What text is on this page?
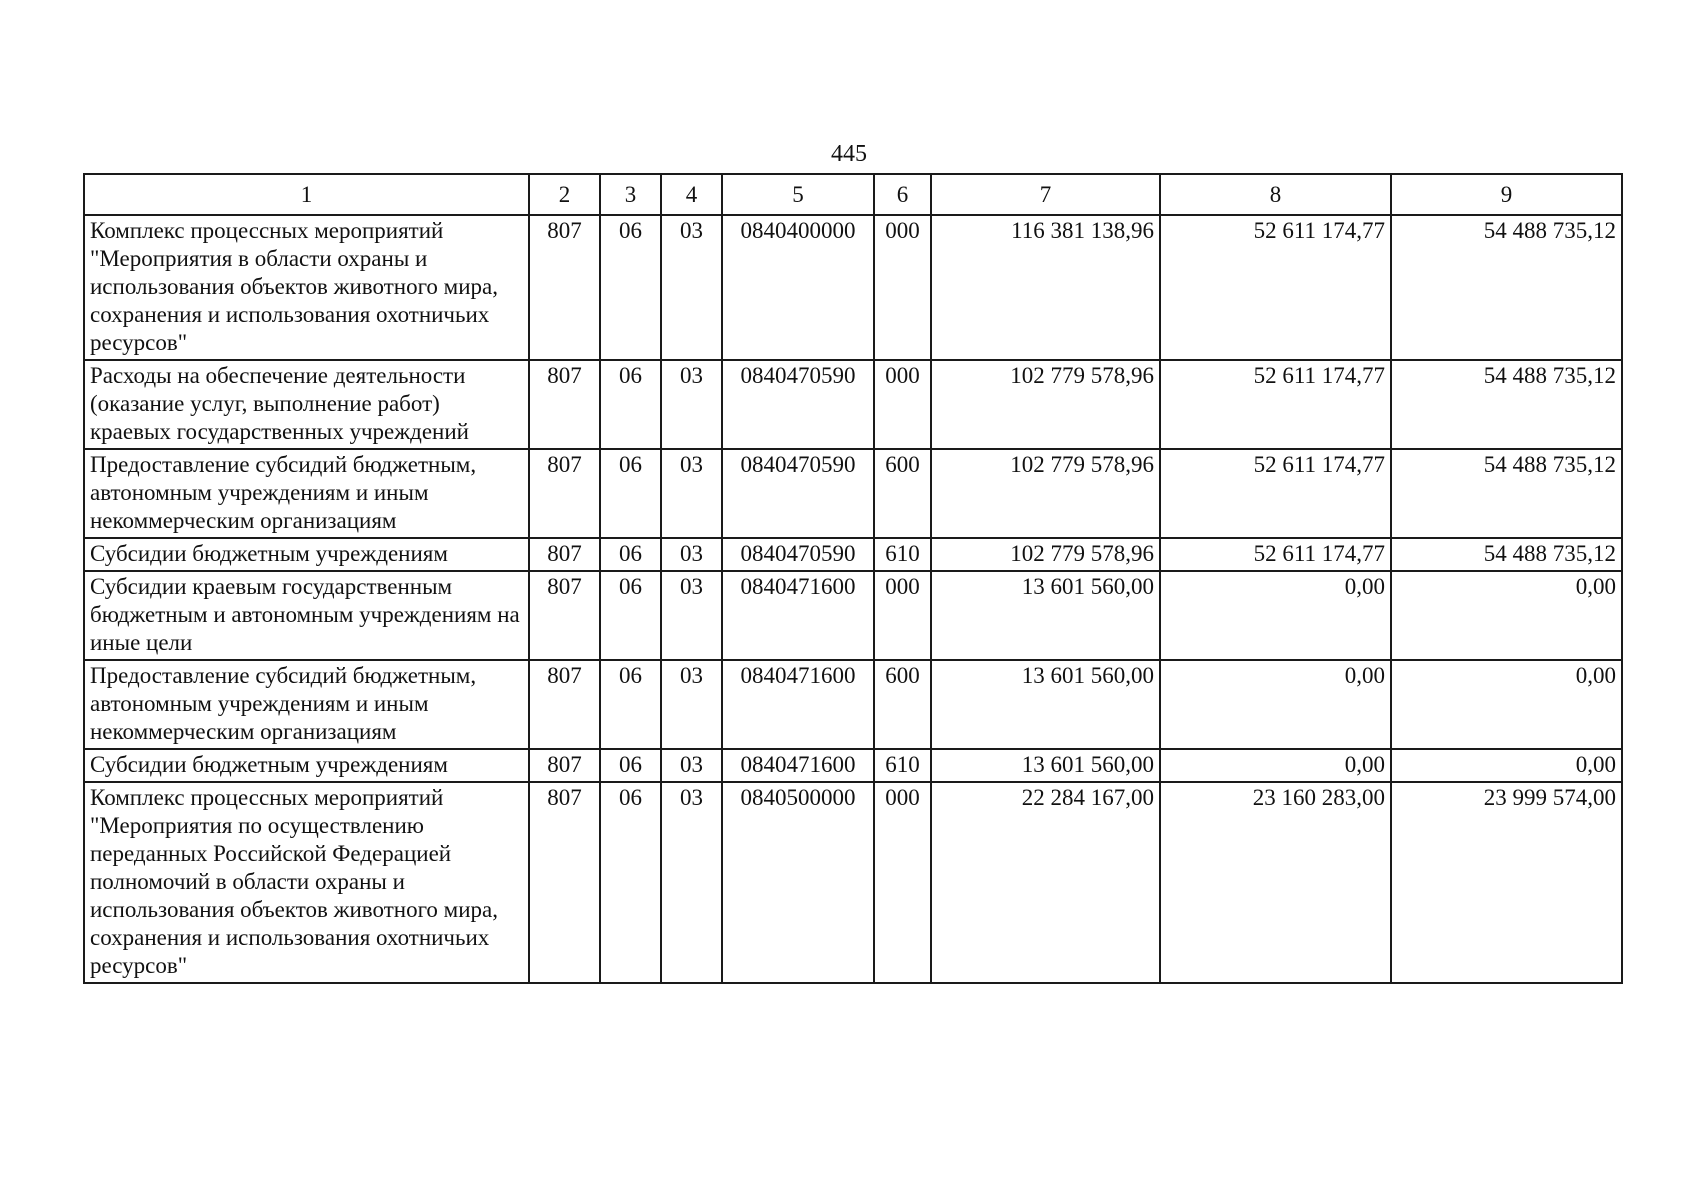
445
1	2	3	4	5	6	7	8	9
Комплекс процессных мероприятий "Мероприятия в области охраны и использования объектов животного мира, сохранения и использования охотничьих ресурсов"	807	06	03	0840400000	000	116 381 138,96	52 611 174,77	54 488 735,12
Расходы на обеспечение деятельности (оказание услуг, выполнение работ) краевых государственных учреждений	807	06	03	0840470590	000	102 779 578,96	52 611 174,77	54 488 735,12
Предоставление субсидий бюджетным, автономным учреждениям и иным некоммерческим организациям	807	06	03	0840470590	600	102 779 578,96	52 611 174,77	54 488 735,12
Субсидии бюджетным учреждениям	807	06	03	0840470590	610	102 779 578,96	52 611 174,77	54 488 735,12
Субсидии краевым государственным бюджетным и автономным учреждениям на иные цели	807	06	03	0840471600	000	13 601 560,00	0,00	0,00
Предоставление субсидий бюджетным, автономным учреждениям и иным некоммерческим организациям	807	06	03	0840471600	600	13 601 560,00	0,00	0,00
Субсидии бюджетным учреждениям	807	06	03	0840471600	610	13 601 560,00	0,00	0,00
Комплекс процессных мероприятий "Мероприятия по осуществлению переданных Российской Федерацией полномочий в области охраны и использования объектов животного мира, сохранения и использования охотничьих ресурсов"	807	06	03	0840500000	000	22 284 167,00	23 160 283,00	23 999 574,00
